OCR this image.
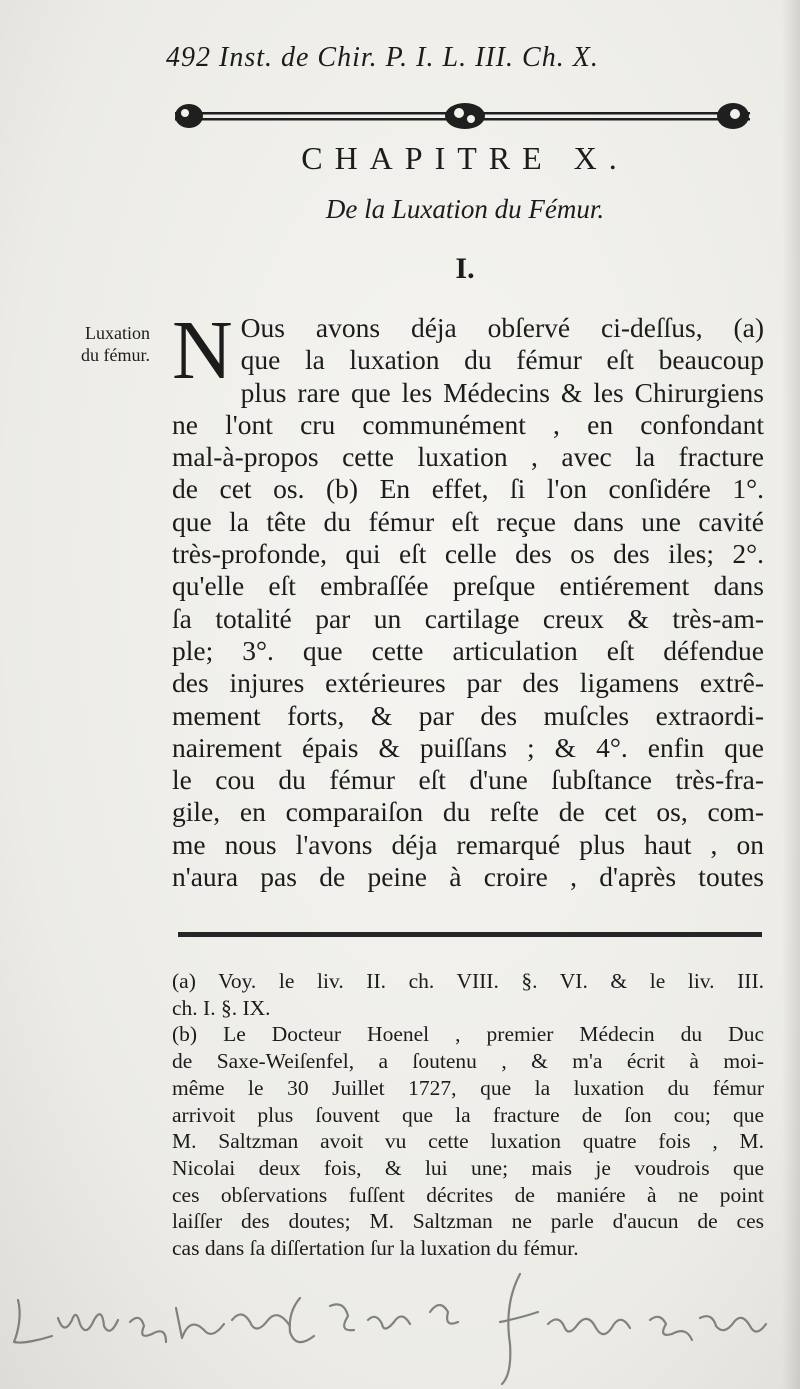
492 Inst. de Chir. P. I. L. III. Ch. X.
CHAPITRE X.
De la Luxation du Fémur.
I.
Luxation
du fémur. N Ous avons déja obſervé ci-deſſus, (a)
que la luxation du fémur eſt beaucoup
plus rare que les Médecins & les Chirurgiens
ne l'ont cru communément , en confondant
mal-à-propos cette luxation , avec la fracture
de cet os. (b) En effet, ſi l'on conſidére 1°.
que la tête du fémur eſt reçue dans une cavité
très-profonde, qui eſt celle des os des iles; 2°.
qu'elle eſt embraſſée preſque entiérement dans
ſa totalité par un cartilage creux & très-am-
ple; 3°. que cette articulation eſt défendue
des injures extérieures par des ligamens extrê-
mement forts, & par des muſcles extraordi-
nairement épais & puiſſans ; & 4°. enfin que
le cou du fémur eſt d'une ſubſtance très-fra-
gile, en comparaiſon du reſte de cet os, com-
me nous l'avons déja remarqué plus haut , on
n'aura pas de peine à croire , d'après toutes
(a) Voy. le liv. II. ch. VIII. §. VI. & le liv. III.
ch. I. §. IX.
(b) Le Docteur Hoenel , premier Médecin du Duc
de Saxe-Weiſenfel, a ſoutenu , & m'a écrit à moi-
même le 30 Juillet 1727, que la luxation du fémur
arrivoit plus ſouvent que la fracture de ſon cou; que
M. Saltzman avoit vu cette luxation quatre fois , M.
Nicolai deux fois, & lui une; mais je voudrois que
ces obſervations fuſſent décrites de maniére à ne point
laiſſer des doutes; M. Saltzman ne parle d'aucun de ces
cas dans ſa diſſertation ſur la luxation du fémur.
